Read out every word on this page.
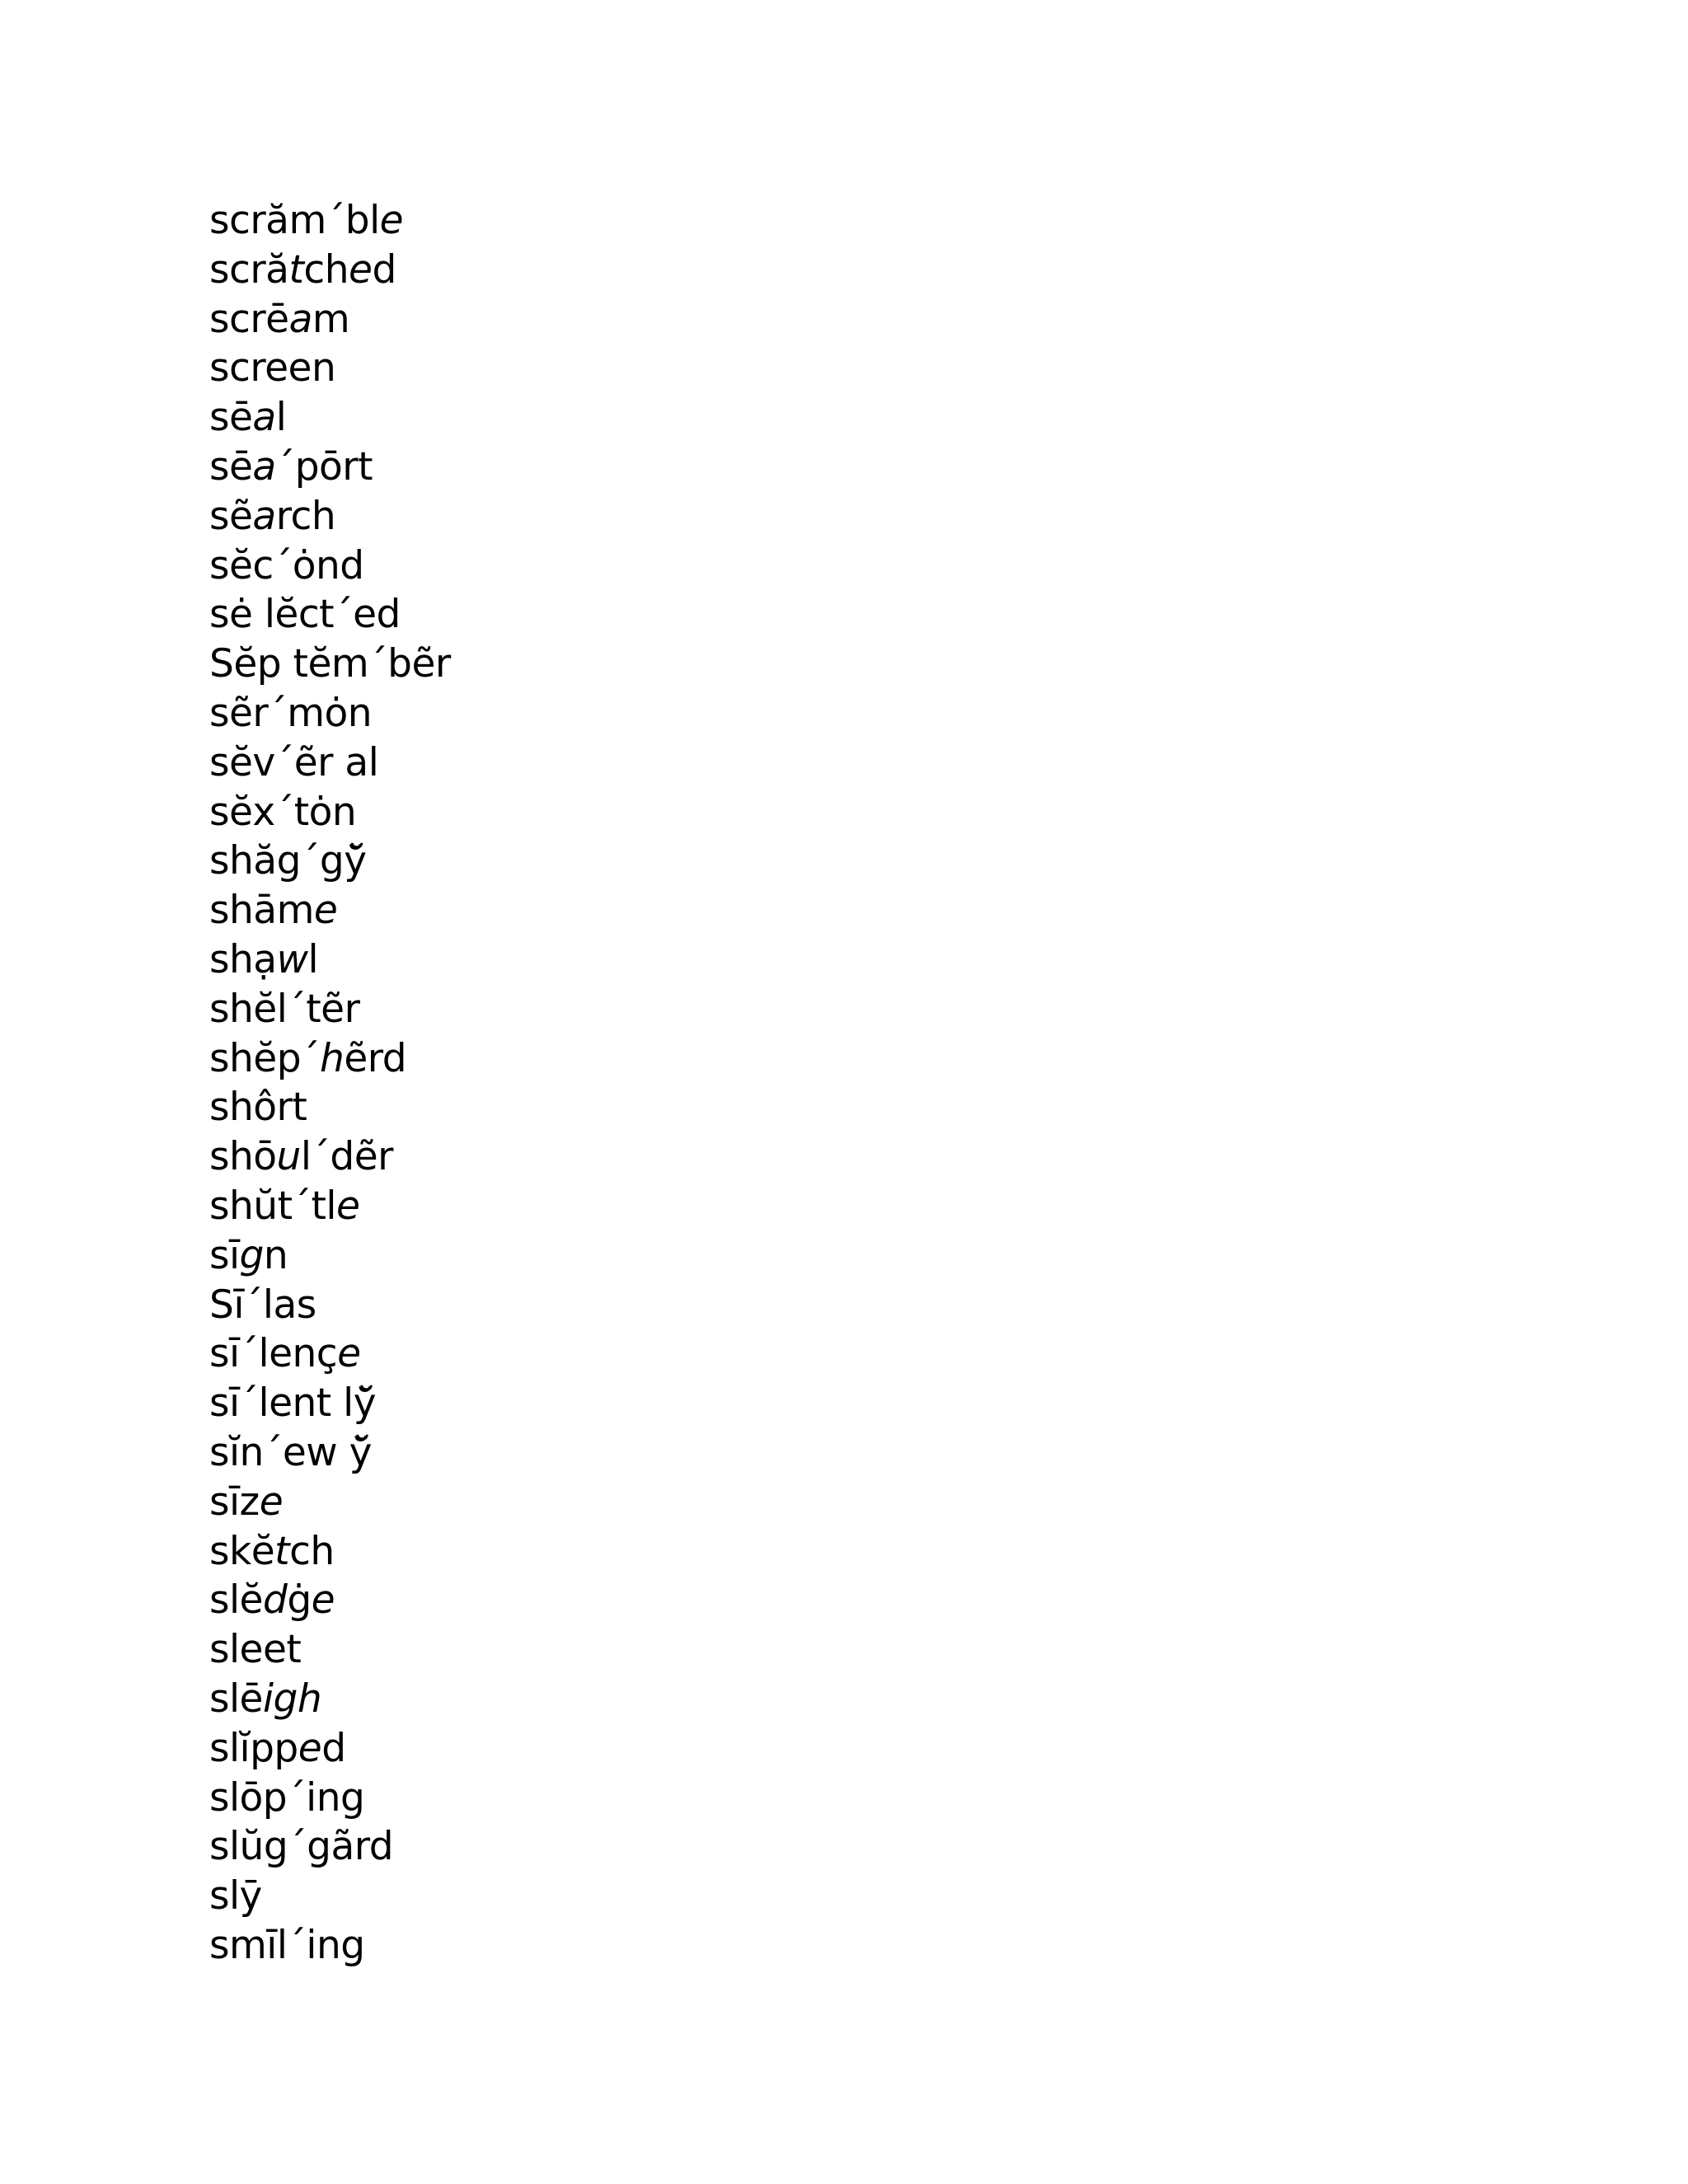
scrăm´ble
scrătched
scrēam
screen
sēal
sēa´pōrt
sẽarch
sĕc´ȯnd
sė lĕct´ed
Sĕp tĕm´bẽr
sẽr´mȯn
sĕv´ẽr al
sĕx´tȯn
shăg´gў̆
shāme
shạwl
shĕl´tẽr
shĕp´hẽrd
shôrt
shōul´dẽr
shŭt´tle
sīgn
Sī´las
sī´lençe
sī´lent lў̆
sĭn´ew ў̆
sīze
skĕtch
slĕdġe
sleet
slēigh
slĭpped
slōp´ing
slŭg´gãrd
slȳ
smīl´ing
